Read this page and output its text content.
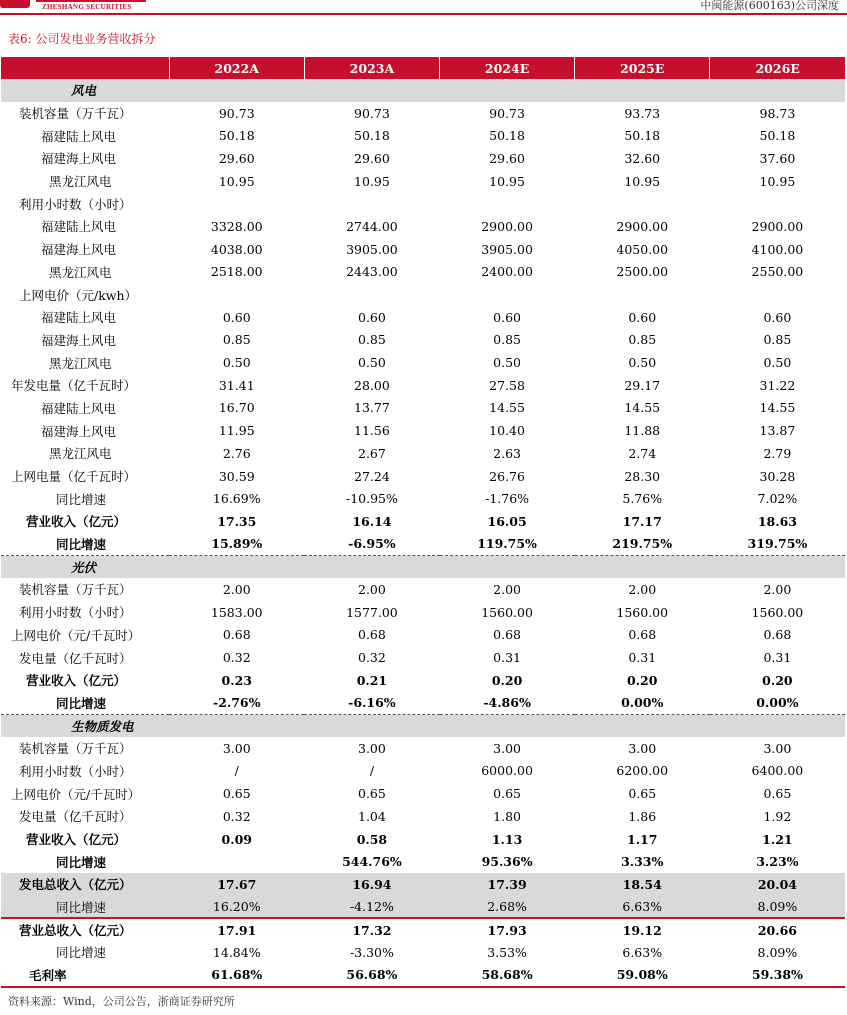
ZHESHANG SECURITIES	中闽能源(600163)公司深度
表6: 公司发电业务营收拆分
	2022A	2023A	2024E	2025E	2026E
风电					
装机容量（万千瓦）	90.73	90.73	90.73	93.73	98.73
福建陆上风电	50.18	50.18	50.18	50.18	50.18
福建海上风电	29.60	29.60	29.60	32.60	37.60
黑龙江风电	10.95	10.95	10.95	10.95	10.95
利用小时数（小时）					
福建陆上风电	3328.00	2744.00	2900.00	2900.00	2900.00
福建海上风电	4038.00	3905.00	3905.00	4050.00	4100.00
黑龙江风电	2518.00	2443.00	2400.00	2500.00	2550.00
上网电价（元/kwh）					
福建陆上风电	0.60	0.60	0.60	0.60	0.60
福建海上风电	0.85	0.85	0.85	0.85	0.85
黑龙江风电	0.50	0.50	0.50	0.50	0.50
年发电量（亿千瓦时）	31.41	28.00	27.58	29.17	31.22
福建陆上风电	16.70	13.77	14.55	14.55	14.55
福建海上风电	11.95	11.56	10.40	11.88	13.87
黑龙江风电	2.76	2.67	2.63	2.74	2.79
上网电量（亿千瓦时）	30.59	27.24	26.76	28.30	30.28
同比增速	16.69%	-10.95%	-1.76%	5.76%	7.02%
营业收入（亿元）	17.35	16.14	16.05	17.17	18.63
同比增速	15.89%	-6.95%	119.75%	219.75%	319.75%
光伏					
装机容量（万千瓦）	2.00	2.00	2.00	2.00	2.00
利用小时数（小时）	1583.00	1577.00	1560.00	1560.00	1560.00
上网电价（元/千瓦时）	0.68	0.68	0.68	0.68	0.68
发电量（亿千瓦时）	0.32	0.32	0.31	0.31	0.31
营业收入（亿元）	0.23	0.21	0.20	0.20	0.20
同比增速	-2.76%	-6.16%	-4.86%	0.00%	0.00%
生物质发电					
装机容量（万千瓦）	3.00	3.00	3.00	3.00	3.00
利用小时数（小时）	/	/	6000.00	6200.00	6400.00
上网电价（元/千瓦时）	0.65	0.65	0.65	0.65	0.65
发电量（亿千瓦时）	0.32	1.04	1.80	1.86	1.92
营业收入（亿元）	0.09	0.58	1.13	1.17	1.21
同比增速		544.76%	95.36%	3.33%	3.23%
发电总收入（亿元）	17.67	16.94	17.39	18.54	20.04
同比增速	16.20%	-4.12%	2.68%	6.63%	8.09%
营业总收入（亿元）	17.91	17.32	17.93	19.12	20.66
同比增速	14.84%	-3.30%	3.53%	6.63%	8.09%
毛利率	61.68%	56.68%	58.68%	59.08%	59.38%
资料来源：Wind，公司公告，浙商证券研究所
